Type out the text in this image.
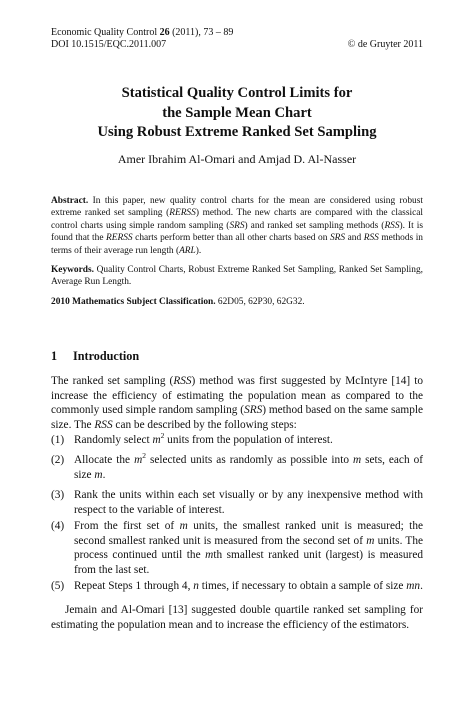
Economic Quality Control 26 (2011), 73 – 89
DOI 10.1515/EQC.2011.007	© de Gruyter 2011
Statistical Quality Control Limits for
the Sample Mean Chart
Using Robust Extreme Ranked Set Sampling
Amer Ibrahim Al-Omari and Amjad D. Al-Nasser
Abstract. In this paper, new quality control charts for the mean are considered using robust extreme ranked set sampling (RERSS) method. The new charts are compared with the classical control charts using simple random sampling (SRS) and ranked set sampling methods (RSS). It is found that the RERSS charts perform better than all other charts based on SRS and RSS methods in terms of their average run length (ARL).
Keywords. Quality Control Charts, Robust Extreme Ranked Set Sampling, Ranked Set Sampling, Average Run Length.
2010 Mathematics Subject Classification. 62D05, 62P30, 62G32.
1 Introduction
The ranked set sampling (RSS) method was first suggested by McIntyre [14] to increase the efficiency of estimating the population mean as compared to the commonly used simple random sampling (SRS) method based on the same sample size. The RSS can be described by the following steps:
(1) Randomly select $m^2$ units from the population of interest.
(2) Allocate the $m^2$ selected units as randomly as possible into m sets, each of size m.
(3) Rank the units within each set visually or by any inexpensive method with respect to the variable of interest.
(4) From the first set of m units, the smallest ranked unit is measured; the second smallest ranked unit is measured from the second set of m units. The process continued until the mth smallest ranked unit (largest) is measured from the last set.
(5) Repeat Steps 1 through 4, n times, if necessary to obtain a sample of size mn.
Jemain and Al-Omari [13] suggested double quartile ranked set sampling for estimating the population mean and to increase the efficiency of the estimators.
